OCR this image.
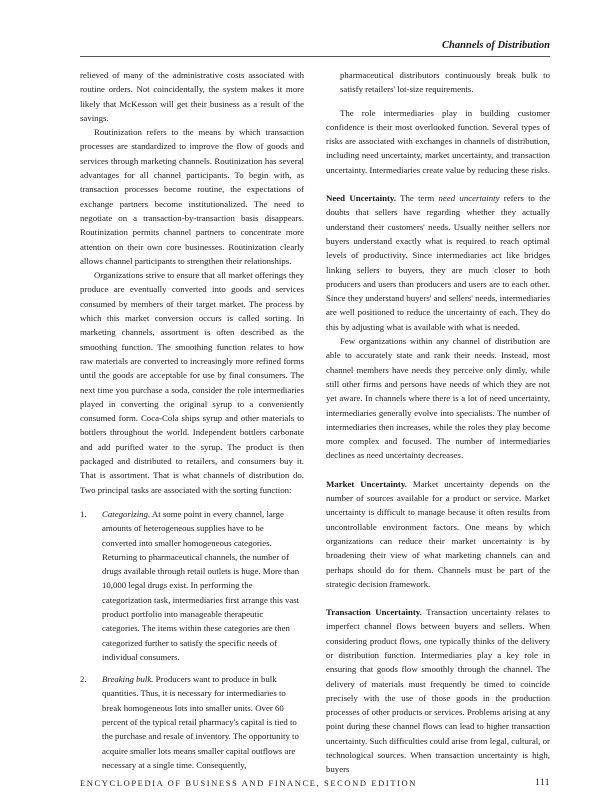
Channels of Distribution

relieved of many of the administrative costs associated with routine orders. Not coincidentally, the system makes it more likely that McKesson will get their business as a result of the savings.

Routinization refers to the means by which transaction processes are standardized to improve the flow of goods and services through marketing channels. Routinization has several advantages for all channel participants. To begin with, as transaction processes become routine, the expectations of exchange partners become institutionalized. The need to negotiate on a transaction-by-transaction basis disappears. Routinization permits channel partners to concentrate more attention on their own core businesses. Routinization clearly allows channel participants to strengthen their relationships.

Organizations strive to ensure that all market offerings they produce are eventually converted into goods and services consumed by members of their target market. The process by which this market conversion occurs is called sorting. In marketing channels, assortment is often described as the smoothing function. The smoothing function relates to how raw materials are converted to increasingly more refined forms until the goods are acceptable for use by final consumers. The next time you purchase a soda, consider the role intermediaries played in converting the original syrup to a conveniently consumed form. Coca-Cola ships syrup and other materials to bottlers throughout the world. Independent bottlers carbonate and add purified water to the syrup. The product is then packaged and distributed to retailers, and consumers buy it. That is assortment. That is what channels of distribution do. Two principal tasks are associated with the sorting function:

1. Categorizing. At some point in every channel, large amounts of heterogeneous supplies have to be converted into smaller homogeneous categories. Returning to pharmaceutical channels, the number of drugs available through retail outlets is huge. More than 10,000 legal drugs exist. In performing the categorization task, intermediaries first arrange this vast product portfolio into manageable therapeutic categories. The items within these categories are then categorized further to satisfy the specific needs of individual consumers.
2. Breaking bulk. Producers want to produce in bulk quantities. Thus, it is necessary for intermediaries to break homogeneous lots into smaller units. Over 60 percent of the typical retail pharmacy's capital is tied to the purchase and resale of inventory. The opportunity to acquire smaller lots means smaller capital outflows are necessary at a single time. Consequently,

pharmaceutical distributors continuously break bulk to satisfy retailers' lot-size requirements.

The role intermediaries play in building customer confidence is their most overlooked function. Several types of risks are associated with exchanges in channels of distribution, including need uncertainty, market uncertainty, and transaction uncertainty. Intermediaries create value by reducing these risks.

Need Uncertainty. The term need uncertainty refers to the doubts that sellers have regarding whether they actually understand their customers' needs. Usually neither sellers nor buyers understand exactly what is required to reach optimal levels of productivity. Since intermediaries act like bridges linking sellers to buyers, they are much closer to both producers and users than producers and users are to each other. Since they understand buyers' and sellers' needs, intermediaries are well positioned to reduce the uncertainty of each. They do this by adjusting what is available with what is needed.

Few organizations within any channel of distribution are able to accurately state and rank their needs. Instead, most channel members have needs they perceive only dimly, while still other firms and persons have needs of which they are not yet aware. In channels where there is a lot of need uncertainty, intermediaries generally evolve into specialists. The number of intermediaries then increases, while the roles they play become more complex and focused. The number of intermediaries declines as need uncertainty decreases.

Market Uncertainty. Market uncertainty depends on the number of sources available for a product or service. Market uncertainty is difficult to manage because it often results from uncontrollable environment factors. One means by which organizations can reduce their market uncertainty is by broadening their view of what marketing channels can and perhaps should do for them. Channels must be part of the strategic decision framework.

Transaction Uncertainty. Transaction uncertainty relates to imperfect channel flows between buyers and sellers. When considering product flows, one typically thinks of the delivery or distribution function. Intermediaries play a key role in ensuring that goods flow smoothly through the channel. The delivery of materials must frequently be timed to coincide precisely with the use of those goods in the production processes of other products or services. Problems arising at any point during these channel flows can lead to higher transaction uncertainty. Such difficulties could arise from legal, cultural, or technological sources. When transaction uncertainty is high, buyers

ENCYCLOPEDIA OF BUSINESS AND FINANCE, SECOND EDITION	111
